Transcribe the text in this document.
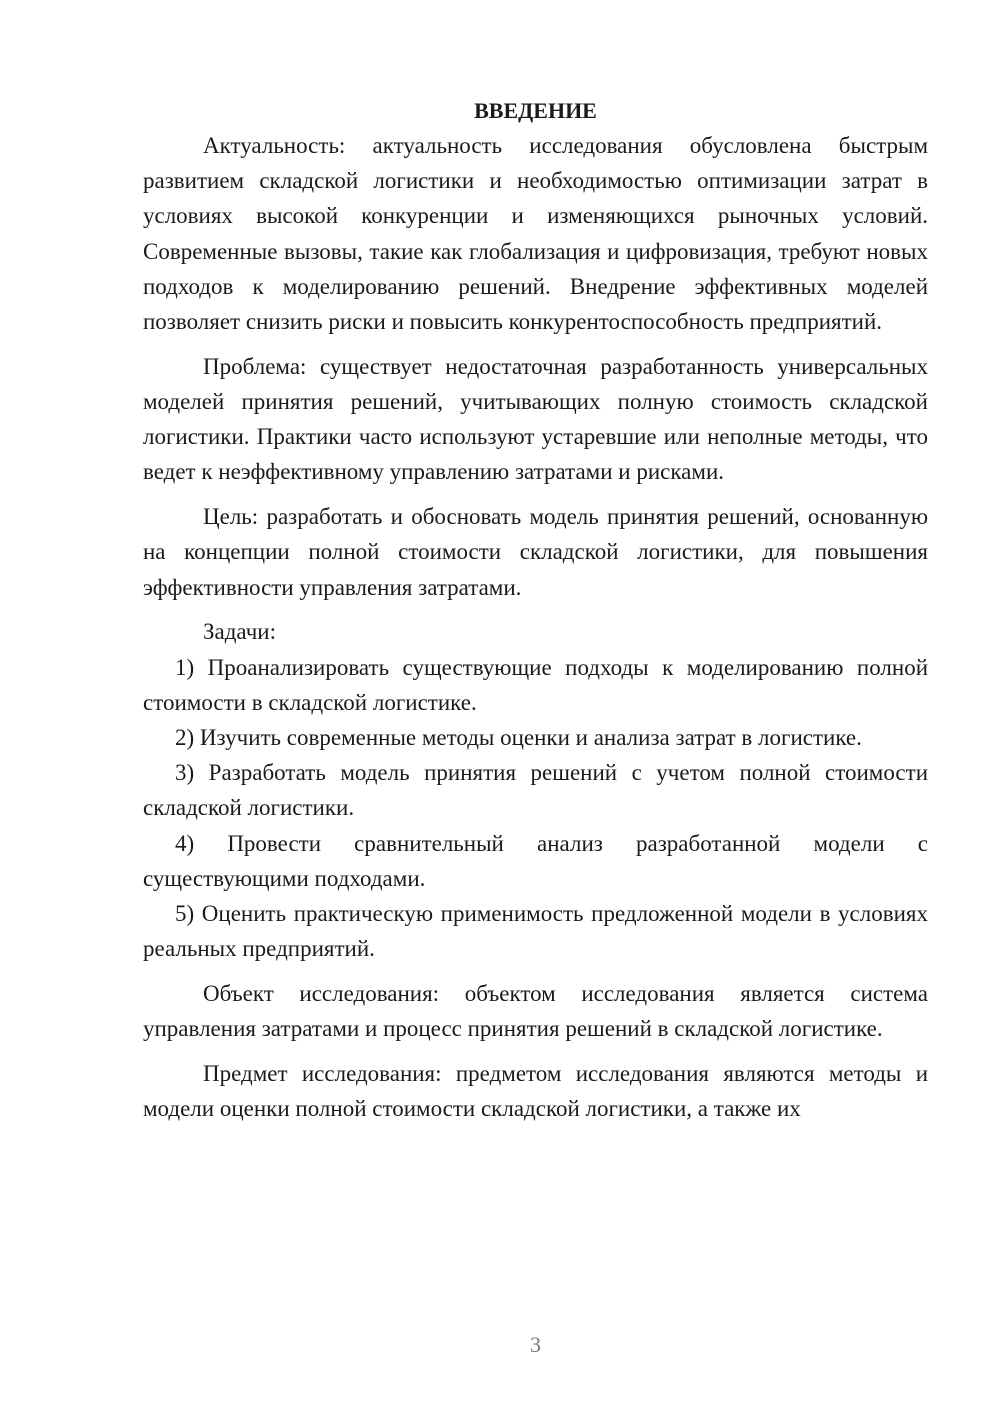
ВВЕДЕНИЕ

Актуальность: актуальность исследования обусловлена быстрым развитием складской логистики и необходимостью оптимизации затрат в условиях высокой конкуренции и изменяющихся рыночных условий. Современные вызовы, такие как глобализация и цифровизация, требуют новых подходов к моделированию решений. Внедрение эффективных моделей позволяет снизить риски и повысить конкурентоспособность предприятий.

Проблема: существует недостаточная разработанность универсальных моделей принятия решений, учитывающих полную стоимость складской логистики. Практики часто используют устаревшие или неполные методы, что ведет к неэффективному управлению затратами и рисками.

Цель: разработать и обосновать модель принятия решений, основанную на концепции полной стоимости складской логистики, для повышения эффективности управления затратами.

Задачи:

1) Проанализировать существующие подходы к моделированию полной стоимости в складской логистике.

2) Изучить современные методы оценки и анализа затрат в логистике.

3) Разработать модель принятия решений с учетом полной стоимости складской логистики.

4) Провести сравнительный анализ разработанной модели с существующими подходами.

5) Оценить практическую применимость предложенной модели в условиях реальных предприятий.

Объект исследования: объектом исследования является система управления затратами и процесс принятия решений в складской логистике.

Предмет исследования: предметом исследования являются методы и модели оценки полной стоимости складской логистики, а также их

3
